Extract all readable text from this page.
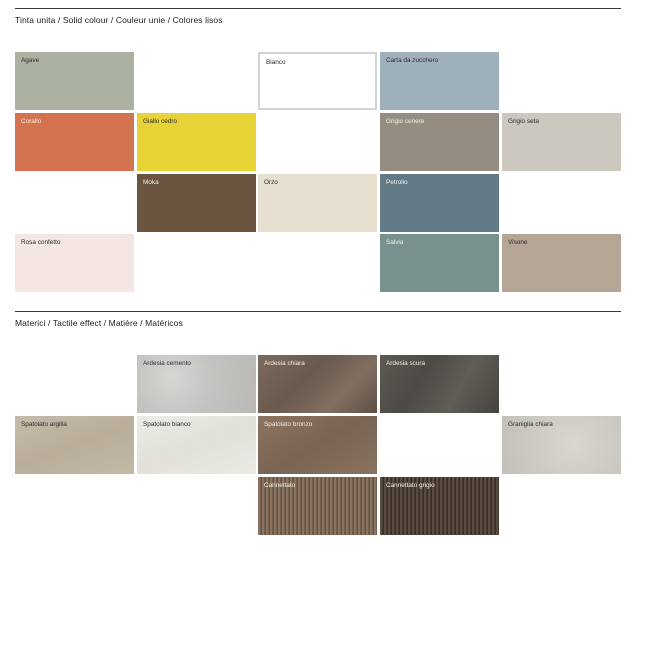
Tinta unita / Solid colour / Couleur unie / Colores lisos
Agave	Bianco	Carta da zucchero
Corallo	Giallo cedro	Grigio cenere	Grigio seta
Moka	Orzo	Petrolio
Rosa confetto	Salvia	Visone
Materici / Tactile effect / Matière / Matéricos
Ardesia cemento	Ardesia chiara	Ardesia scura
Spatolato argilla	Spatolato bianco	Spatolato bronzo	Graniglia chiara
Cannettato	Cannettato grigio
